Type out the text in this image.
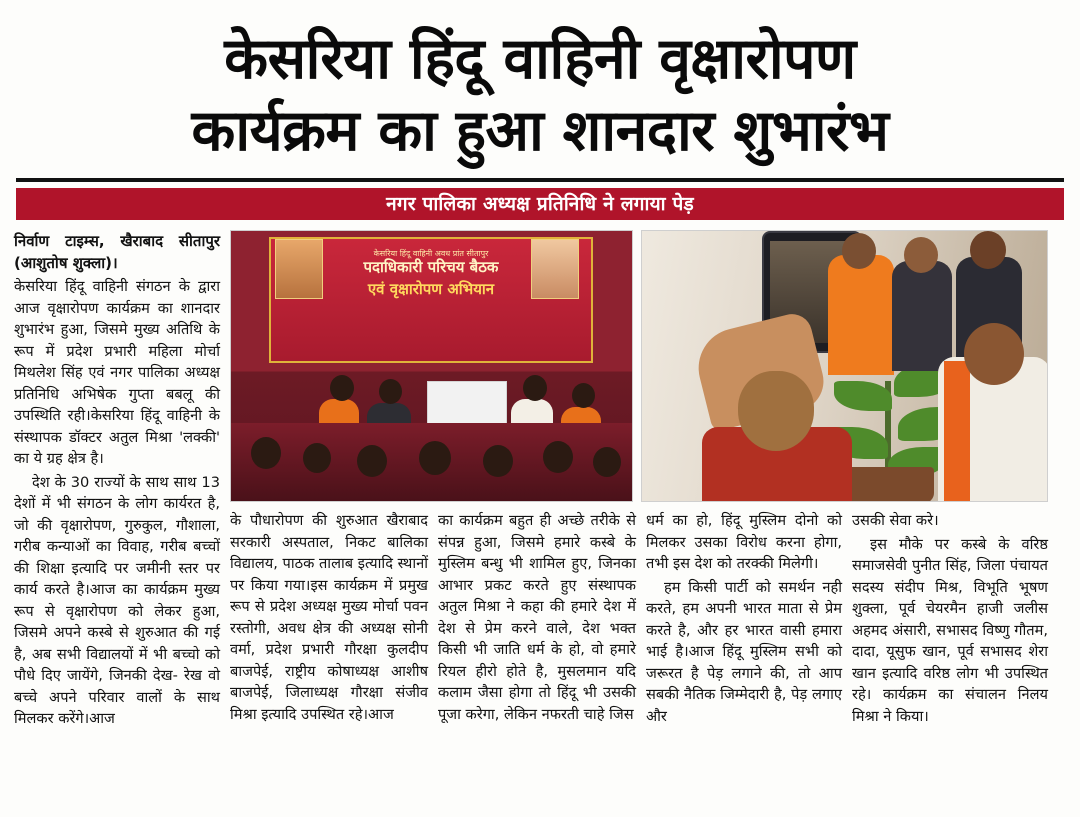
केसरिया हिंदू वाहिनी वृक्षारोपण
कार्यक्रम का हुआ शानदार शुभारंभ
नगर पालिका अध्यक्ष प्रतिनिधि ने लगाया पेड़
निर्वाण टाइम्स, खैराबाद सीतापुर (आशुतोष शुक्ला)।

केसरिया हिंदू वाहिनी संगठन के द्वारा आज वृक्षारोपण कार्यक्रम का शानदार शुभारंभ हुआ, जिसमे मुख्य अतिथि के रूप में प्रदेश प्रभारी महिला मोर्चा मिथलेश सिंह एवं नगर पालिका अध्यक्ष प्रतिनिधि अभिषेक गुप्ता बबलू की उपस्थिति रही।केसरिया हिंदू वाहिनी के संस्थापक डॉक्टर अतुल मिश्रा 'लक्की' का ये ग्रह क्षेत्र है।

देश के 30 राज्यों के साथ साथ 13 देशों में भी संगठन के लोग कार्यरत है, जो की वृक्षारोपण, गुरुकुल, गौशाला, गरीब कन्याओं का विवाह, गरीब बच्चों की शिक्षा इत्यादि पर जमीनी स्तर पर कार्य करते है।आज का कार्यक्रम मुख्य रूप से वृक्षारोपण को लेकर हुआ, जिसमे अपने कस्बे से शुरुआत की गई है, अब सभी विद्यालयों में भी बच्चो को पौधे दिए जायेंगे, जिनकी देख- रेख वो बच्चे अपने परिवार वालों के साथ मिलकर करेंगे।आज

केसरिया हिंदू वाहिनी अवध प्रांत सीतापुर
पदाधिकारी परिचय बैठक
एवं वृक्षारोपण अभियान

के पौधारोपण की शुरुआत खैराबाद सरकारी अस्पताल, निकट बालिका विद्यालय, पाठक तालाब इत्यादि स्थानों पर किया गया।इस कार्यक्रम में प्रमुख रूप से प्रदेश अध्यक्ष मुख्य मोर्चा पवन रस्तोगी, अवध क्षेत्र की अध्यक्ष सोनी वर्मा, प्रदेश प्रभारी गौरक्षा कुलदीप बाजपेई, राष्ट्रीय कोषाध्यक्ष आशीष बाजपेई, जिलाध्यक्ष गौरक्षा संजीव मिश्रा इत्यादि उपस्थित रहे।आज

का कार्यक्रम बहुत ही अच्छे तरीके से संपन्न हुआ, जिसमे हमारे कस्बे के मुस्लिम बन्धु भी शामिल हुए, जिनका आभार प्रकट करते हुए संस्थापक अतुल मिश्रा ने कहा की हमारे देश में देश से प्रेम करने वाले, देश भक्त किसी भी जाति धर्म के हो, वो हमारे रियल हीरो होते है, मुसलमान यदि कलाम जैसा होगा तो हिंदू भी उसकी पूजा करेगा, लेकिन नफरती चाहे जिस

धर्म का हो, हिंदू मुस्लिम दोनो को मिलकर उसका विरोध करना होगा, तभी इस देश को तरक्की मिलेगी।

हम किसी पार्टी को समर्थन नही करते, हम अपनी भारत माता से प्रेम करते है, और हर भारत वासी हमारा भाई है।आज हिंदू मुस्लिम सभी को जरूरत है पेड़ लगाने की, तो आप सबकी नैतिक जिम्मेदारी है, पेड़ लगाए और

उसकी सेवा करे।

इस मौके पर कस्बे के वरिष्ठ समाजसेवी पुनीत सिंह, जिला पंचायत सदस्य संदीप मिश्र, विभूति भूषण शुक्ला, पूर्व चेयरमैन हाजी जलीस अहमद अंसारी, सभासद विष्णु गौतम, दादा, यूसुफ खान, पूर्व सभासद शेरा खान इत्यादि वरिष्ठ लोग भी उपस्थित रहे। कार्यक्रम का संचालन निलय मिश्रा ने किया।
